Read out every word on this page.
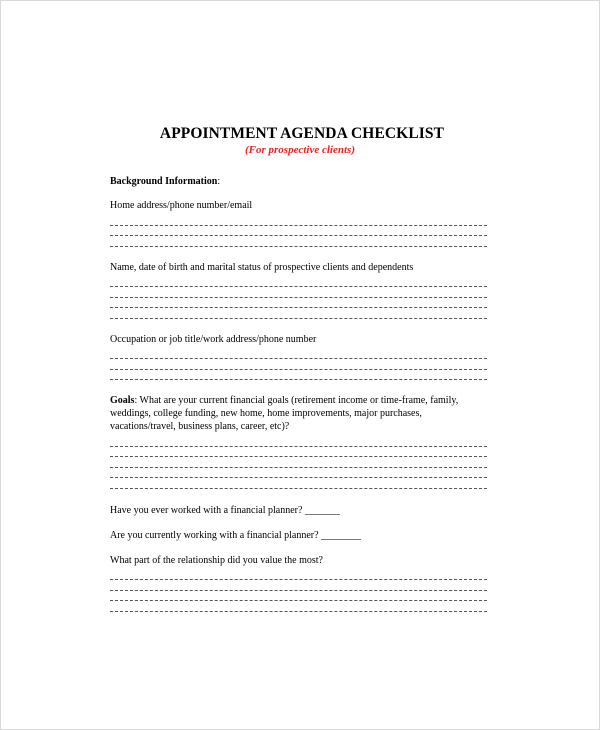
APPOINTMENT AGENDA CHECKLIST
(For prospective clients)
Background Information:
Home address/phone number/email
Name, date of birth and marital status of prospective clients and dependents
Occupation or job title/work address/phone number
Goals: What are your current financial goals (retirement income or time-frame, family, weddings, college funding, new home, home improvements, major purchases, vacations/travel, business plans, career, etc)?
Have you ever worked with a financial planner? _______
Are you currently working with a financial planner? ________
What part of the relationship did you value the most?
